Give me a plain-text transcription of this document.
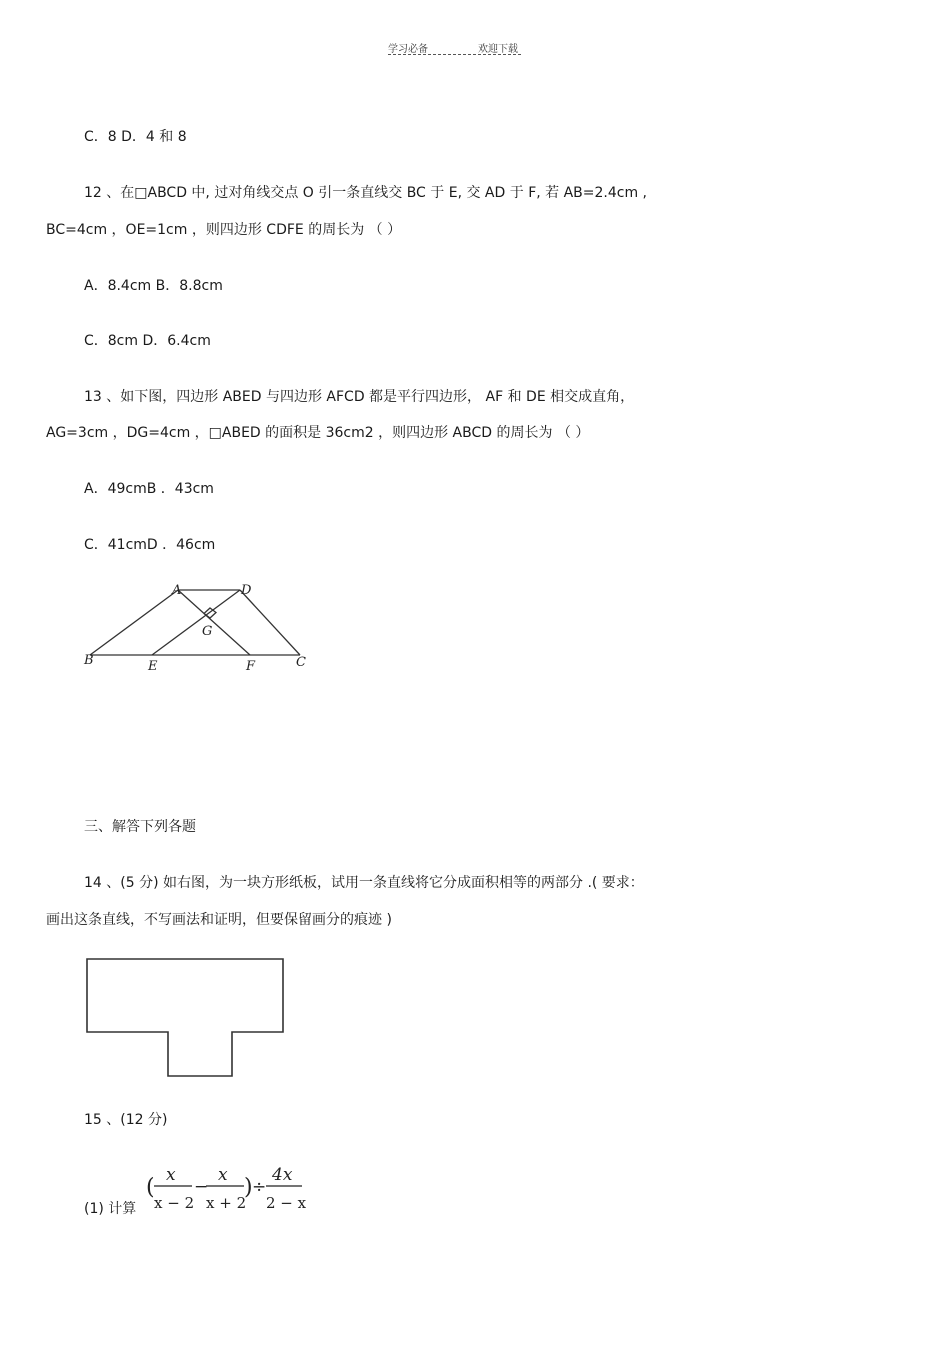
学习必备	欢迎下载
C．8 D．4 和 8
12 、在□ABCD 中, 过对角线交点 O 引一条直线交 BC 于 E, 交 AD 于 F, 若 AB=2.4cm ,
BC=4cm ，OE=1cm ，则四边形 CDFE 的周长为 （ ）
A．8.4cm B．8.8cm
C．8cm D．6.4cm
13 、如下图，四边形 ABED 与四边形 AFCD 都是平行四边形， AF 和 DE 相交成直角，
AG=3cm ，DG=4cm ，□ABED 的面积是 36cm2 ，则四边形 ABCD 的周长为 （ ）
A．49cmB ．43cm
C．41cmD ．46cm
A	D
G
B	E	F	C
三、解答下列各题
14 、(5 分) 如右图，为一块方形纸板，试用一条直线将它分成面积相等的两部分 .( 要求：
画出这条直线，不写画法和证明，但要保留画分的痕迹 )
15 、(12 分)
(1) 计算
( x
x − 2
−
x
x + 2
) ÷
4x
2 − x
